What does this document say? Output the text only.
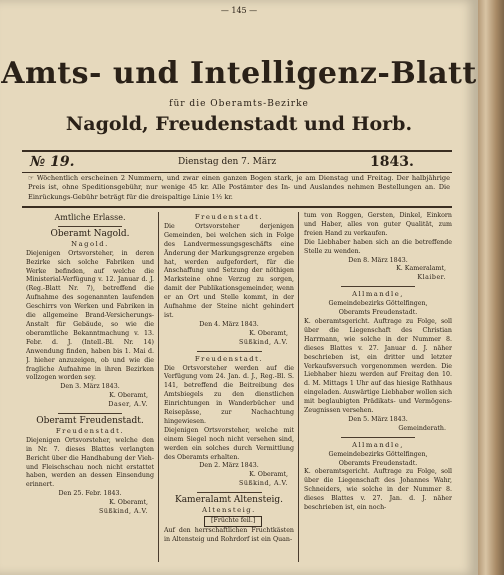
— 145 —
Amts- und Intelligenz-Blatt
für die Oberamts-Bezirke
Nagold, Freudenstadt und Horb.
№ 19.	Dienstag den 7. März	1843.
☞ Wöchentlich erscheinen 2 Nummern, und zwar einen ganzen Bogen stark, je am Dienstag und Freitag. Der halbjährige Preis ist, ohne Speditionsgebühr, nur wenige 45 kr. Alle Postämter des In- und Auslandes nehmen Bestellungen an. Die Einrückungs-Gebühr beträgt für die dreispaltige Linie 1½ kr.
Amtliche Erlasse.
Oberamt Nagold.
Nagold.

Diejenigen Ortsvorsteher, in deren Bezirke sich solche Fabriken und Werke befinden, auf welche die Ministerial-Verfügung v. 12. Januar d. J. (Reg.-Blatt Nr. 7), betreffend die Aufnahme des sogenannten laufenden Geschirrs von Werken und Fabriken in die allgemeine Brand-Versicherungs-Anstalt für Gebäude, so wie die oberamtliche Bekanntmachung v. 13. Febr. d. J. (Intell.-Bl. Nr. 14) Anwendung finden, haben bis 1. Mai d. J. hieher anzuzeigen, ob und wie die fragliche Aufnahme in ihren Bezirken vollzogen worden sey.

Den 3. März 1843.
K. Oberamt,
Daser, A.V.
Oberamt Freudenstadt.
Freudenstadt.

Diejenigen Ortsvorsteher, welche den in Nr. 7. dieses Blattes verlangten Bericht über die Handhabung der Vieh- und Fleischschau noch nicht erstattet haben, werden an dessen Einsendung erinnert.

Den 25. Febr. 1843.
K. Oberamt,
Süßkind, A.V.
Freudenstadt.

Die Ortsvorsteher derjenigen Gemeinden, bei welchen sich in Folge des Landvermessungsgeschäfts eine Änderung der Markungsgrenze ergeben hat, werden aufgefordert, für die Anschaffung und Setzung der nöthigen Marksteine ohne Verzug zu sorgen, damit der Publikationsgemeinder, wenn er an Ort und Stelle kommt, in der Aufnahme der Steine nicht gehindert ist.

Den 4. März 1843.
K. Oberamt,
Süßkind, A.V.
Freudenstadt.

Die Ortsvorsteher werden auf die Verfügung vom 24. Jan. d. J., Reg.-Bl. S. 141, betreffend die Beitreibung des Amtsbiegels zu den dienstlichen Einrichtungen in Wanderbücher und Reisepässe, zur Nachachtung hingewiesen.

Diejenigen Ortsvorsteher, welche mit einem Siegel noch nicht versehen sind, werden ein solches durch Vermittlung des Oberamts erhalten.

Den 2. März 1843.
K. Oberamt,
Süßkind, A.V.
Kameralamt Altensteig.
Altensteig.
[Früchte feil.]

Auf den herrschaftlichen Fruchtkästen in Altensteig und Rohrdorf ist ein Quan-

tum von Roggen, Gersten, Dinkel, Einkorn und Haber, alles von guter Qualität, zum freien Hand zu verkaufen.

Die Liebhaber haben sich an die betreffende Stelle zu wenden.

Den 8. März 1843.
K. Kameralamt,
Klaiber.
Allmandle,
Gemeindebezirks Göttelfingen,
Oberamts Freudenstadt.

K. oberamtsgericht. Auftrage zu Folge, soll über die Liegenschaft des Christian Harrmann, wie solche in der Nummer 8. dieses Blattes v. 27. Januar d. J. näher beschrieben ist, ein dritter und letzter Verkaufsversuch vorgenommen werden. Die Liebhaber hiezu werden auf Freitag den 10. d. M. Mittags 1 Uhr auf das hiesige Rathhaus eingeladen. Auswärtige Liebhaber wollen sich mit beglaubigten Prädikats- und Vermögens-Zeugnissen versehen.

Den 5. März 1843.
Gemeinderath.
Allmandle,
Gemeindebezirks Göttelfingen,
Oberamts Freudenstadt.

K. oberamtsgericht. Auftrage zu Folge, soll über die Liegenschaft des Johannes Wahr, Schneiders, wie solche in der Nummer 8. dieses Blattes v. 27. Jan. d. J. näher beschrieben ist, ein noch-
